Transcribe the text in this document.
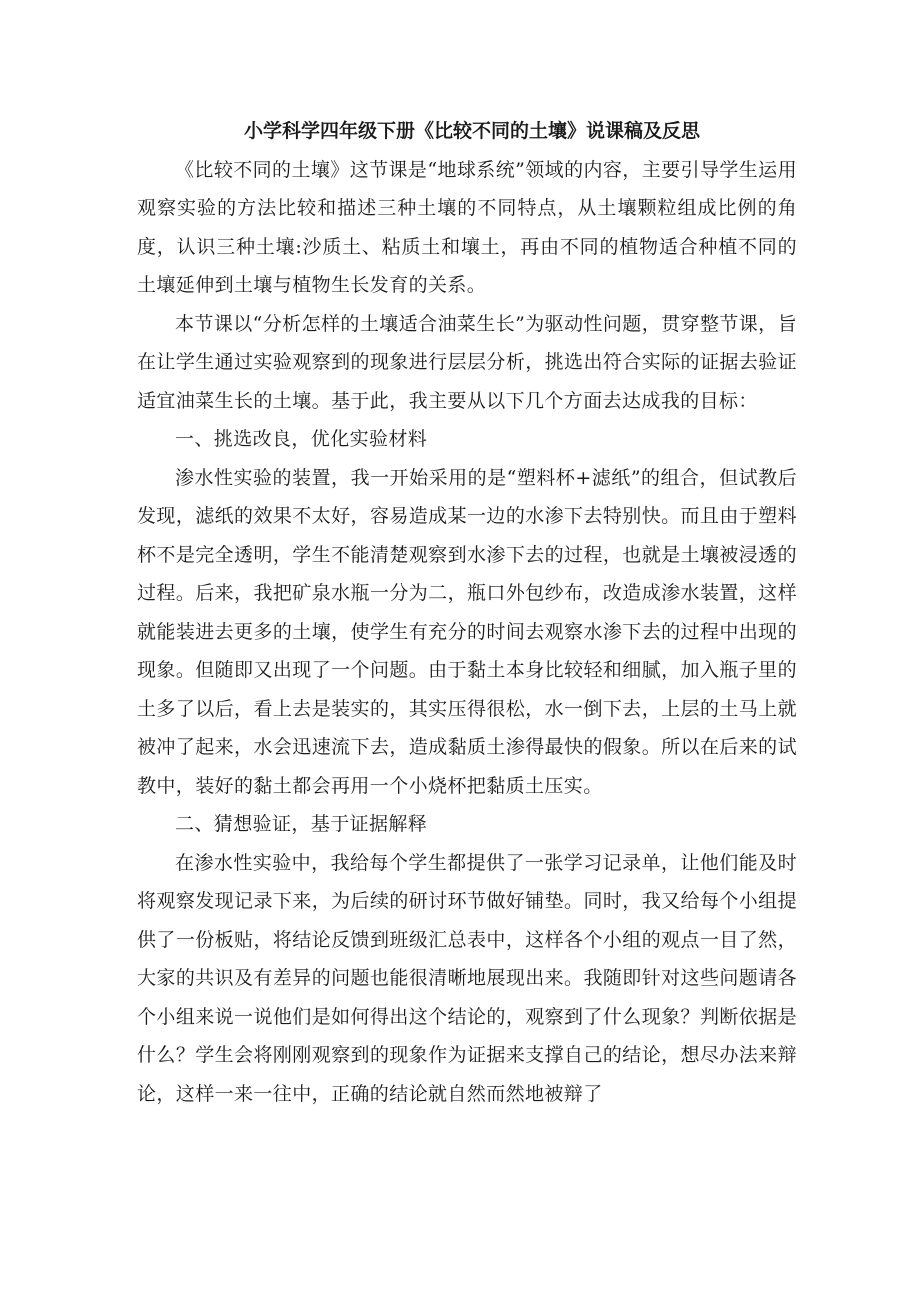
小学科学四年级下册《比较不同的土壤》说课稿及反思

《比较不同的土壤》这节课是“地球系统”领域的内容，主要引导学生运用观察实验的方法比较和描述三种土壤的不同特点，从土壤颗粒组成比例的角度，认识三种土壤:沙质土、粘质土和壤土，再由不同的植物适合种植不同的土壤延伸到土壤与植物生长发育的关系。

本节课以“分析怎样的土壤适合油菜生长”为驱动性问题，贯穿整节课，旨在让学生通过实验观察到的现象进行层层分析，挑选出符合实际的证据去验证适宜油菜生长的土壤。基于此，我主要从以下几个方面去达成我的目标：

一、挑选改良，优化实验材料

渗水性实验的装置，我一开始采用的是“塑料杯+滤纸”的组合，但试教后发现，滤纸的效果不太好，容易造成某一边的水渗下去特别快。而且由于塑料杯不是完全透明，学生不能清楚观察到水渗下去的过程，也就是土壤被浸透的过程。后来，我把矿泉水瓶一分为二，瓶口外包纱布，改造成渗水装置，这样就能装进去更多的土壤，使学生有充分的时间去观察水渗下去的过程中出现的现象。但随即又出现了一个问题。由于黏土本身比较轻和细腻，加入瓶子里的土多了以后，看上去是装实的，其实压得很松，水一倒下去，上层的土马上就被冲了起来，水会迅速流下去，造成黏质土渗得最快的假象。所以在后来的试教中，装好的黏土都会再用一个小烧杯把黏质土压实。

二、猜想验证，基于证据解释

在渗水性实验中，我给每个学生都提供了一张学习记录单，让他们能及时将观察发现记录下来，为后续的研讨环节做好铺垫。同时，我又给每个小组提供了一份板贴，将结论反馈到班级汇总表中，这样各个小组的观点一目了然，大家的共识及有差异的问题也能很清晰地展现出来。我随即针对这些问题请各个小组来说一说他们是如何得出这个结论的，观察到了什么现象？判断依据是什么？学生会将刚刚观察到的现象作为证据来支撑自己的结论，想尽办法来辩论，这样一来一往中，正确的结论就自然而然地被辩了
